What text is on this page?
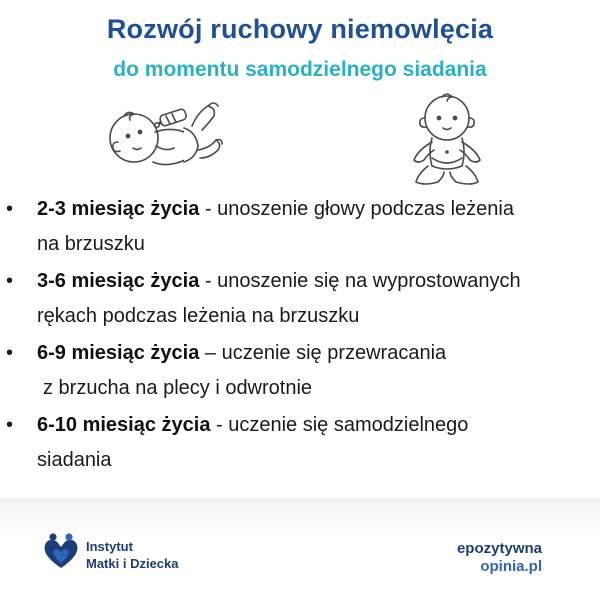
Rozwój ruchowy niemowlęcia
do momentu samodzielnego siadania
• 2-3 miesiąc życia - unoszenie głowy podczas leżenia
na brzuszku
• 3-6 miesiąc życia - unoszenie się na wyprostowanych
rękach podczas leżenia na brzuszku
• 6-9 miesiąc życia – uczenie się przewracania
z brzucha na plecy i odwrotnie
• 6-10 miesiąc życia - uczenie się samodzielnego
siadania
Instytut
Matki i Dziecka
epozytywna
opinia.pl
